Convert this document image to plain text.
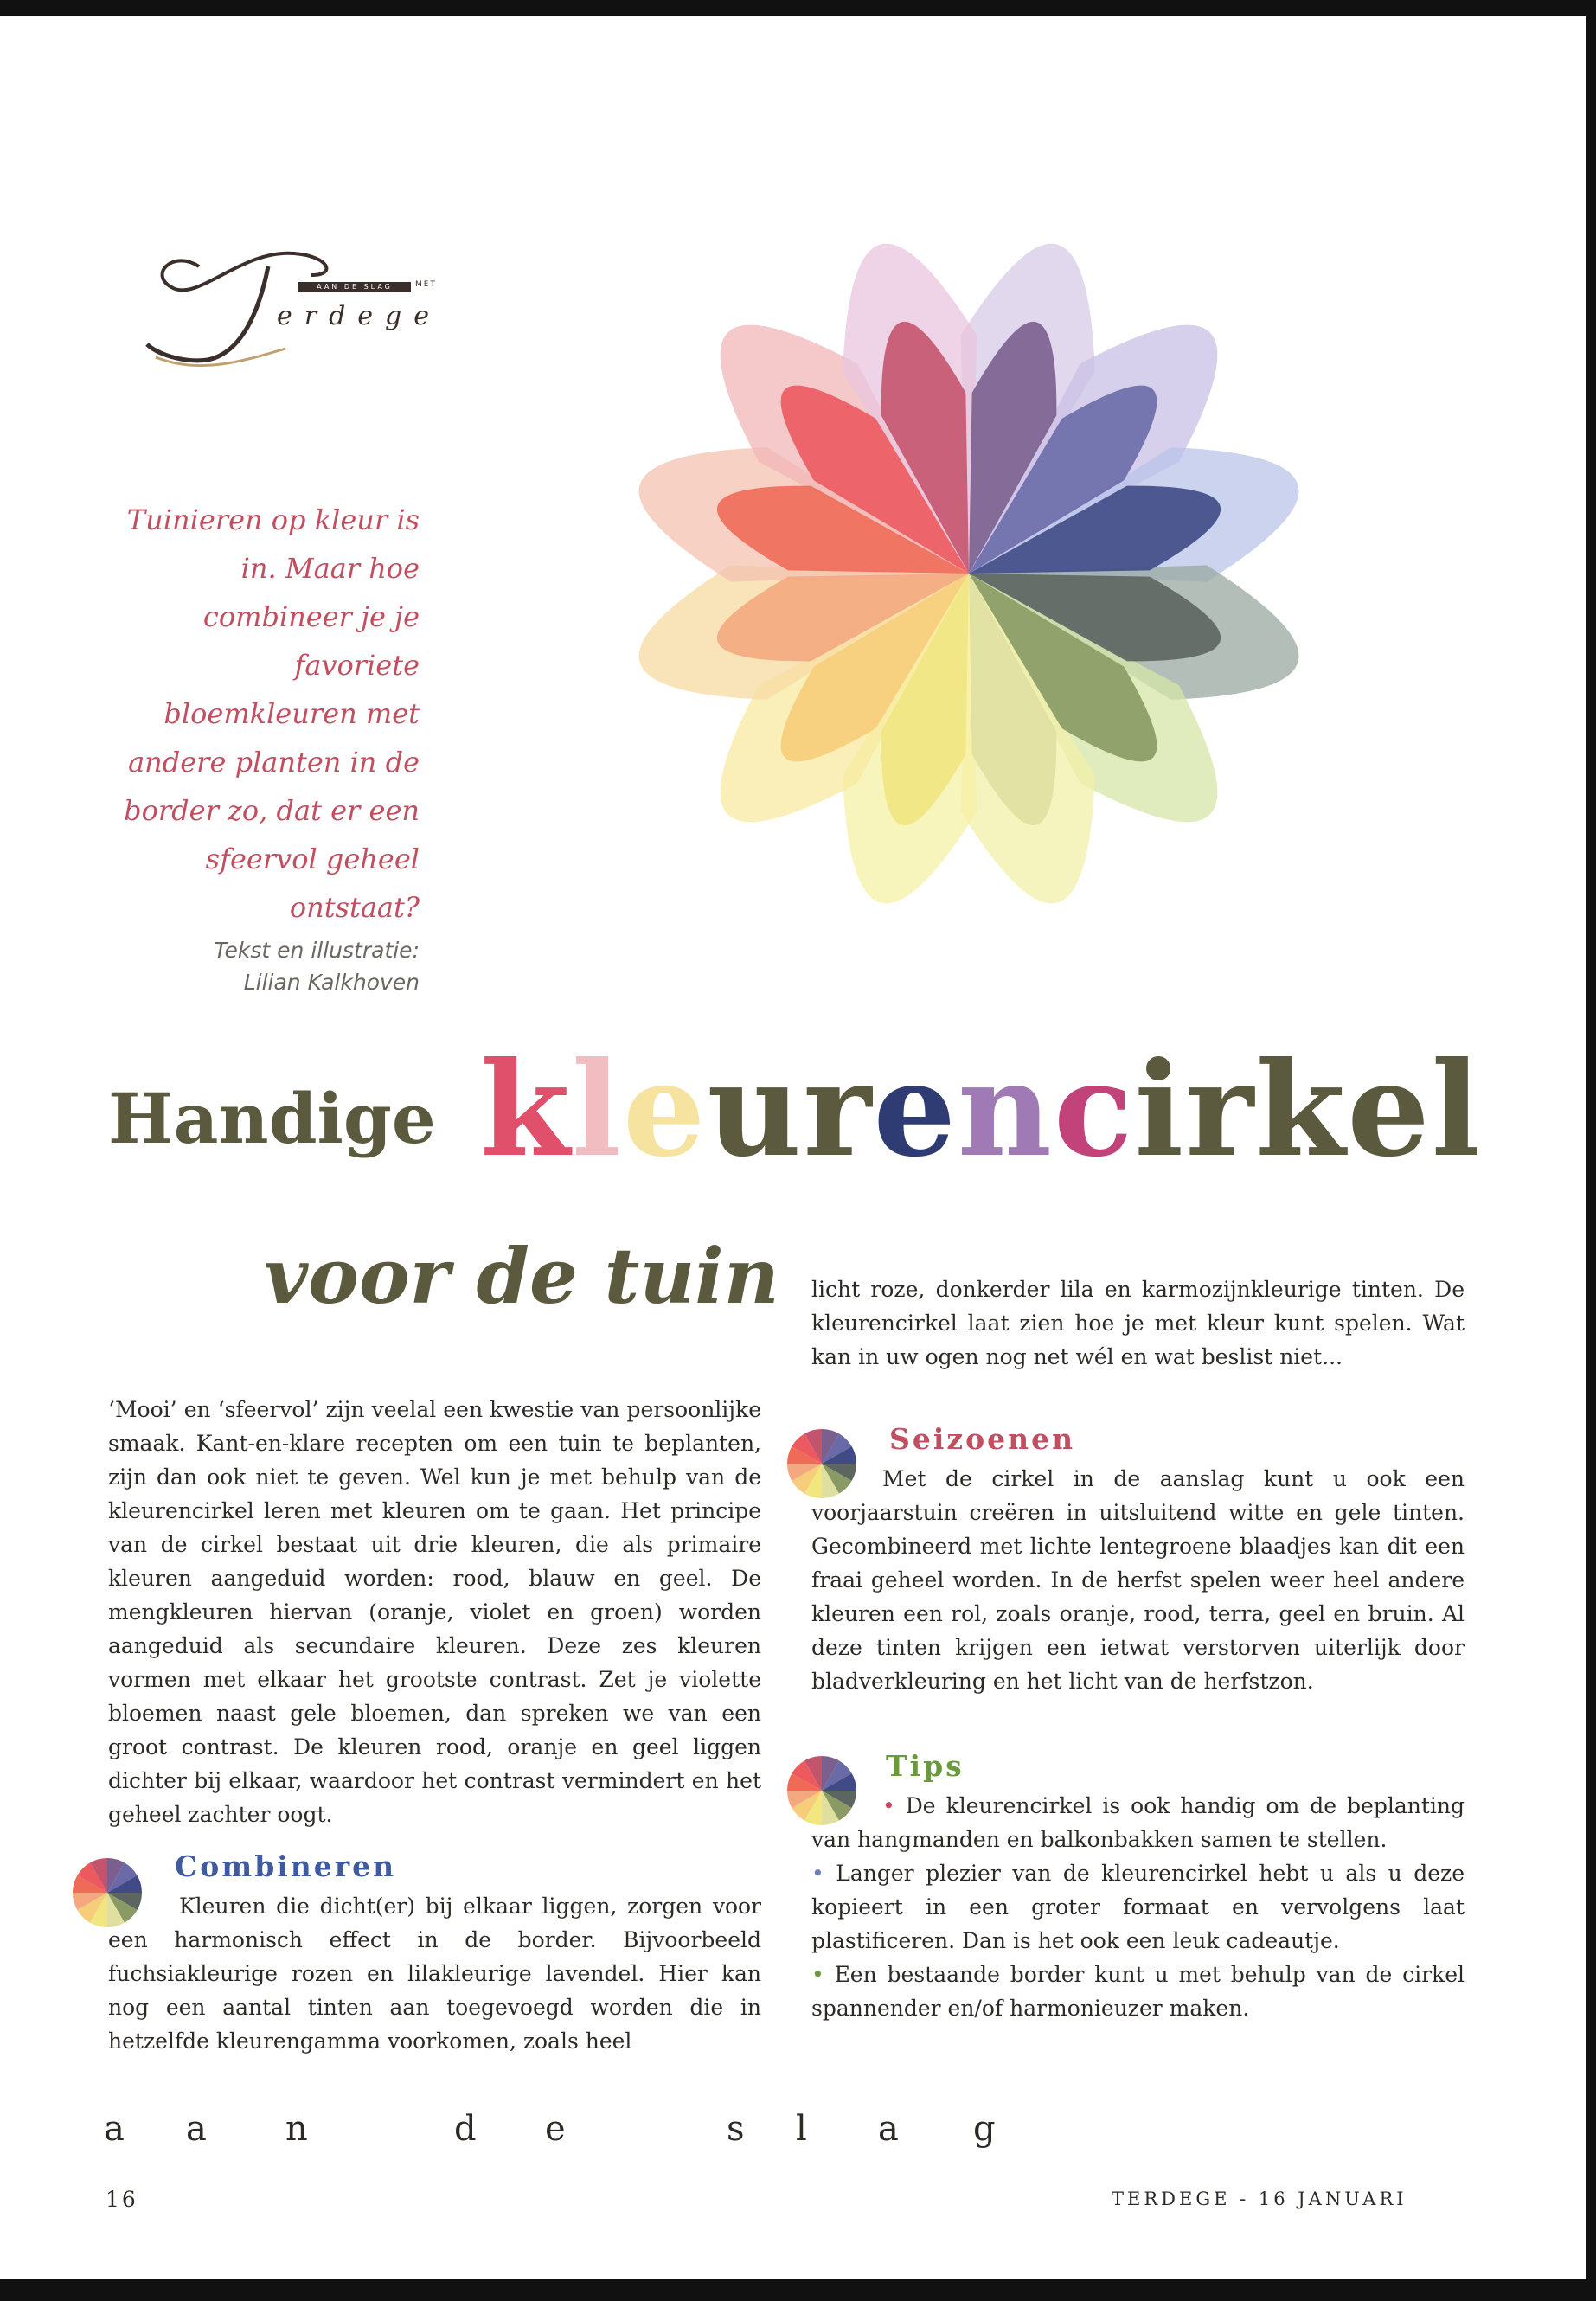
AAN DE SLAG	MET
erdege
Tuinieren op kleur is in. Maar hoe combineer je je favoriete bloemkleuren met andere planten in de border zo, dat er een sfeervol geheel ontstaat?
Tekst en illustratie:
Lilian Kalkhoven
Handige kleurencirkel
voor de tuin
‘Mooi’ en ‘sfeervol’ zijn veelal een kwestie van persoonlijke smaak. Kant-en-klare recepten om een tuin te beplanten, zijn dan ook niet te geven. Wel kun je met behulp van de kleurencirkel leren met kleuren om te gaan. Het principe van de cirkel bestaat uit drie kleuren, die als primaire kleuren aangeduid worden: rood, blauw en geel. De mengkleuren hiervan (oranje, violet en groen) worden aangeduid als secundaire kleuren. Deze zes kleuren vormen met elkaar het grootste contrast. Zet je violette bloemen naast gele bloemen, dan spreken we van een groot contrast. De kleuren rood, oranje en geel liggen dichter bij elkaar, waardoor het contrast vermindert en het geheel zachter oogt.
Combineren
Kleuren die dicht(er) bij elkaar liggen, zorgen voor een harmonisch effect in de border. Bijvoorbeeld fuchsiakleurige rozen en lilakleurige lavendel. Hier kan nog een aantal tinten aan toegevoegd worden die in hetzelfde kleurengamma voorkomen, zoals heel
licht roze, donkerder lila en karmozijnkleurige tinten. De kleurencirkel laat zien hoe je met kleur kunt spelen. Wat kan in uw ogen nog net wél en wat beslist niet...
Seizoenen
Met de cirkel in de aanslag kunt u ook een voorjaarstuin creëren in uitsluitend witte en gele tinten. Gecombineerd met lichte lentegroene blaadjes kan dit een fraai geheel worden. In de herfst spelen weer heel andere kleuren een rol, zoals oranje, rood, terra, geel en bruin. Al deze tinten krijgen een ietwat verstorven uiterlijk door bladverkleuring en het licht van de herfstzon.
Tips
• De kleurencirkel is ook handig om de beplanting van hangmanden en balkonbakken samen te stellen.
• Langer plezier van de kleurencirkel hebt u als u deze kopieert in een groter formaat en vervolgens laat plastificeren. Dan is het ook een leuk cadeautje.
• Een bestaande border kunt u met behulp van de cirkel spannender en/of harmonieuzer maken.
a a n	d e	s l a g
16	TERDEGE - 16 JANUARI
